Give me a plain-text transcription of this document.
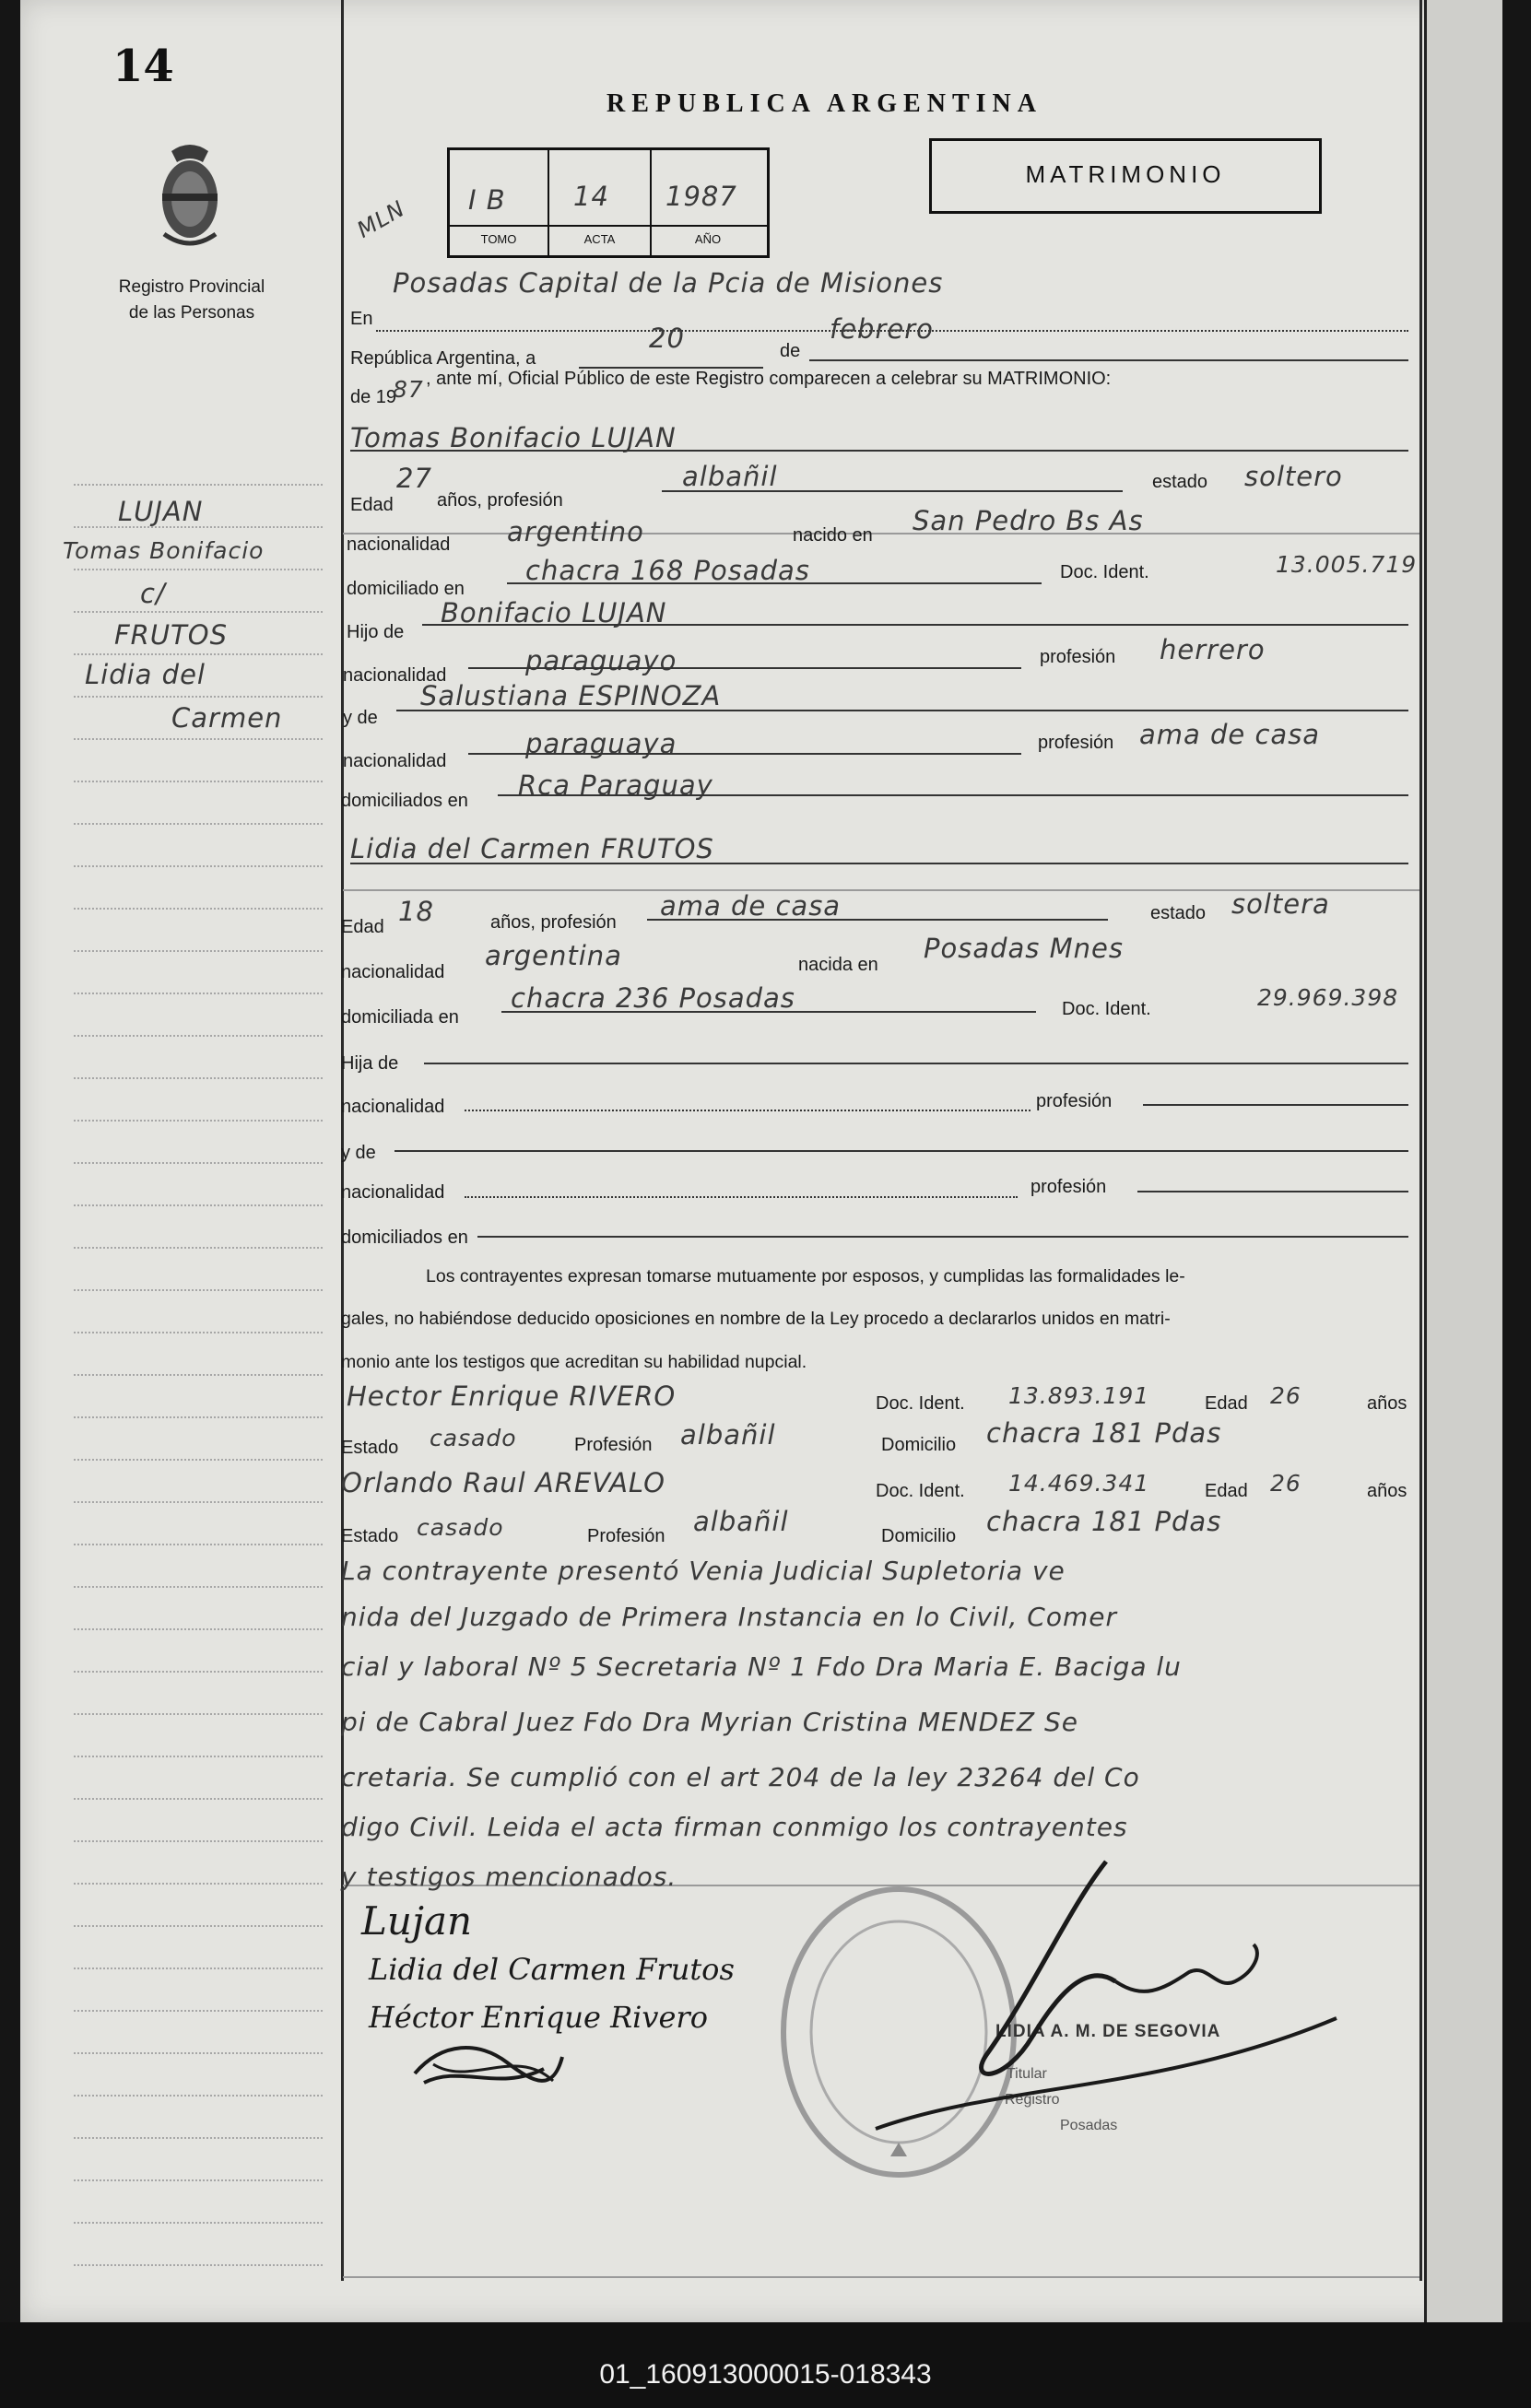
14
Registro Provincial
de las Personas
REPUBLICA ARGENTINA
MLN I B	14 1987
TOMO	ACTA	AÑO
MATRIMONIO
LUJAN
Tomas Bonifacio
c/
FRUTOS
Lidia del
Carmen
En
Posadas Capital de la Pcia de Misiones
República Argentina, a
20	de
febrero
de 19
87 , ante mí, Oficial Público de este Registro comparecen a celebrar su MATRIMONIO:
Tomas Bonifacio LUJAN
Edad
27
años, profesión
albañil	estado soltero
nacionalidad argentino	nacido en San Pedro Bs As
domiciliado en
chacra 168 Posadas	Doc. Ident.	13.005.719
Hijo de
Bonifacio LUJAN
nacionalidad	paraguayo	profesión herrero
y de
Salustiana ESPINOZA
nacionalidad
paraguaya	profesión ama de casa
domiciliados en Rca Paraguay
Lidia del Carmen FRUTOS
Edad 18	años, profesión
ama de casa	estado soltera
nacionalidad
argentina	nacida en
Posadas Mnes
domiciliada en
chacra 236 Posadas	Doc. Ident.	29.969.398
Hija de
nacionalidad	profesión
y de
nacionalidad	profesión
domiciliados en
Los contrayentes expresan tomarse mutuamente por esposos, y cumplidas las formalidades le-
gales, no habiéndose deducido oposiciones en nombre de la Ley procedo a declararlos unidos en matri-
monio ante los testigos que acreditan su habilidad nupcial.
Hector Enrique RIVERO	Doc. Ident. 13.893.191	Edad 26	años
Estado casado	Profesión albañil	Domicilio chacra 181 Pdas
Orlando Raul AREVALO	Doc. Ident. 14.469.341	Edad 26	años
Estado casado	Profesión albañil	Domicilio chacra 181 Pdas
La contrayente presentó Venia Judicial Supletoria ve
nida del Juzgado de Primera Instancia en lo Civil, Comer
cial y laboral Nº 5 Secretaria Nº 1 Fdo Dra Maria E. Baciga lu
pi de Cabral Juez Fdo Dra Myrian Cristina MENDEZ Se
cretaria. Se cumplió con el art 204 de la ley 23264 del Co
digo Civil. Leida el acta firman conmigo los contrayentes
y testigos mencionados.
LIDIA A. M. DE SEGOVIA
Titular
Registro
Posadas
Lujan
Lidia del Carmen Frutos
Héctor Enrique Rivero
01_160913000015-018343
